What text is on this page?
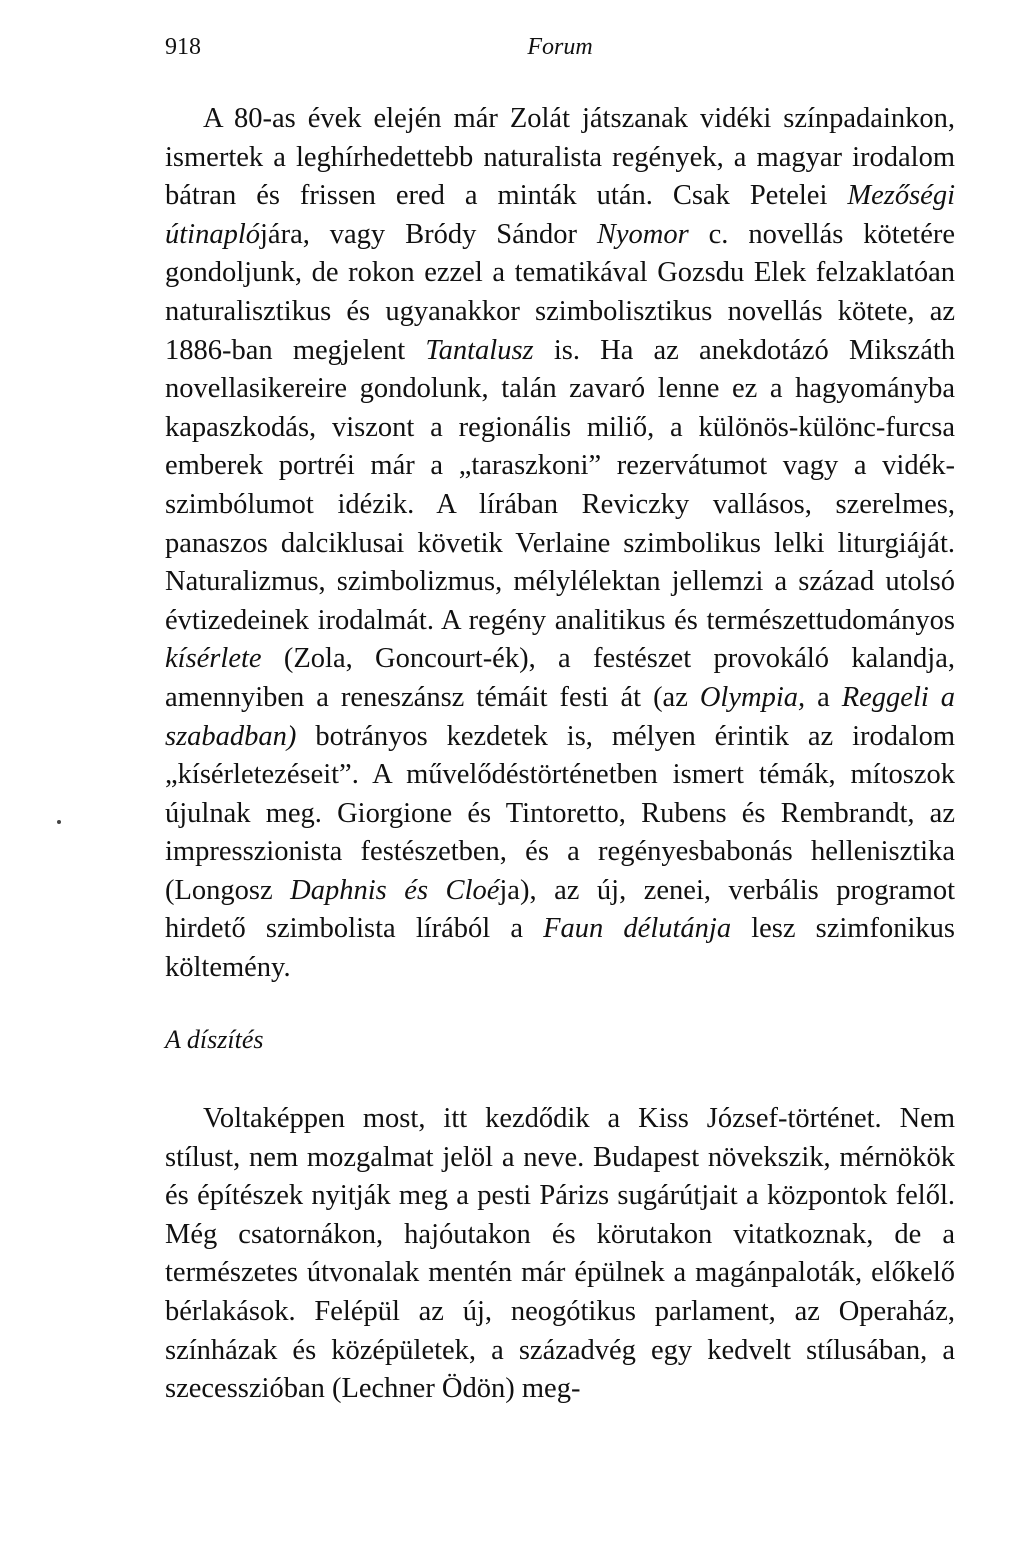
918	Forum

A 80-as évek elején már Zolát játszanak vidéki színpadainkon, ismertek a leghírhedettebb naturalista regények, a magyar irodalom bátran és frissen ered a minták után. Csak Petelei Mezőségi útinaplójára, vagy Bródy Sándor Nyomor c. novellás kötetére gondoljunk, de rokon ezzel a tematikával Gozsdu Elek felzaklatóan naturalisztikus és ugyanakkor szimbolisztikus novellás kötete, az 1886-ban megjelent Tantalusz is. Ha az anekdotázó Mikszáth novellasikereire gondolunk, talán zavaró lenne ez a hagyományba kapaszkodás, viszont a regionális miliő, a különös-különc-furcsa emberek portréi már a „taraszkoni” rezervátumot vagy a vidék-szimbólumot idézik. A lírában Reviczky vallásos, szerelmes, panaszos dalciklusai követik Verlaine szimbolikus lelki liturgiáját. Naturalizmus, szimbolizmus, mélylélektan jellemzi a század utolsó évtizedeinek irodalmát. A regény analitikus és természettudományos kísérlete (Zola, Goncourt-ék), a festészet provokáló kalandja, amennyiben a reneszánsz témáit festi át (az Olympia, a Reggeli a szabadban) botrányos kezdetek is, mélyen érintik az irodalom „kísérletezéseit”. A művelődéstörténetben ismert témák, mítoszok újulnak meg. Giorgione és Tintoretto, Rubens és Rembrandt, az impresszionista festészetben, és a regényesbabonás hellenisztika (Longosz Daphnis és Cloéja), az új, zenei, verbális programot hirdető szimbolista lírából a Faun délutánja lesz szimfonikus költemény.

A díszítés

Voltaképpen most, itt kezdődik a Kiss József-történet. Nem stílust, nem mozgalmat jelöl a neve. Budapest növekszik, mérnökök és építészek nyitják meg a pesti Párizs sugárútjait a központok felől. Még csatornákon, hajóutakon és körutakon vitatkoznak, de a természetes útvonalak mentén már épülnek a magánpaloták, előkelő bérlakások. Felépül az új, neogótikus parlament, az Operaház, színházak és középületek, a századvég egy kedvelt stílusában, a szecesszióban (Lechner Ödön) meg-
